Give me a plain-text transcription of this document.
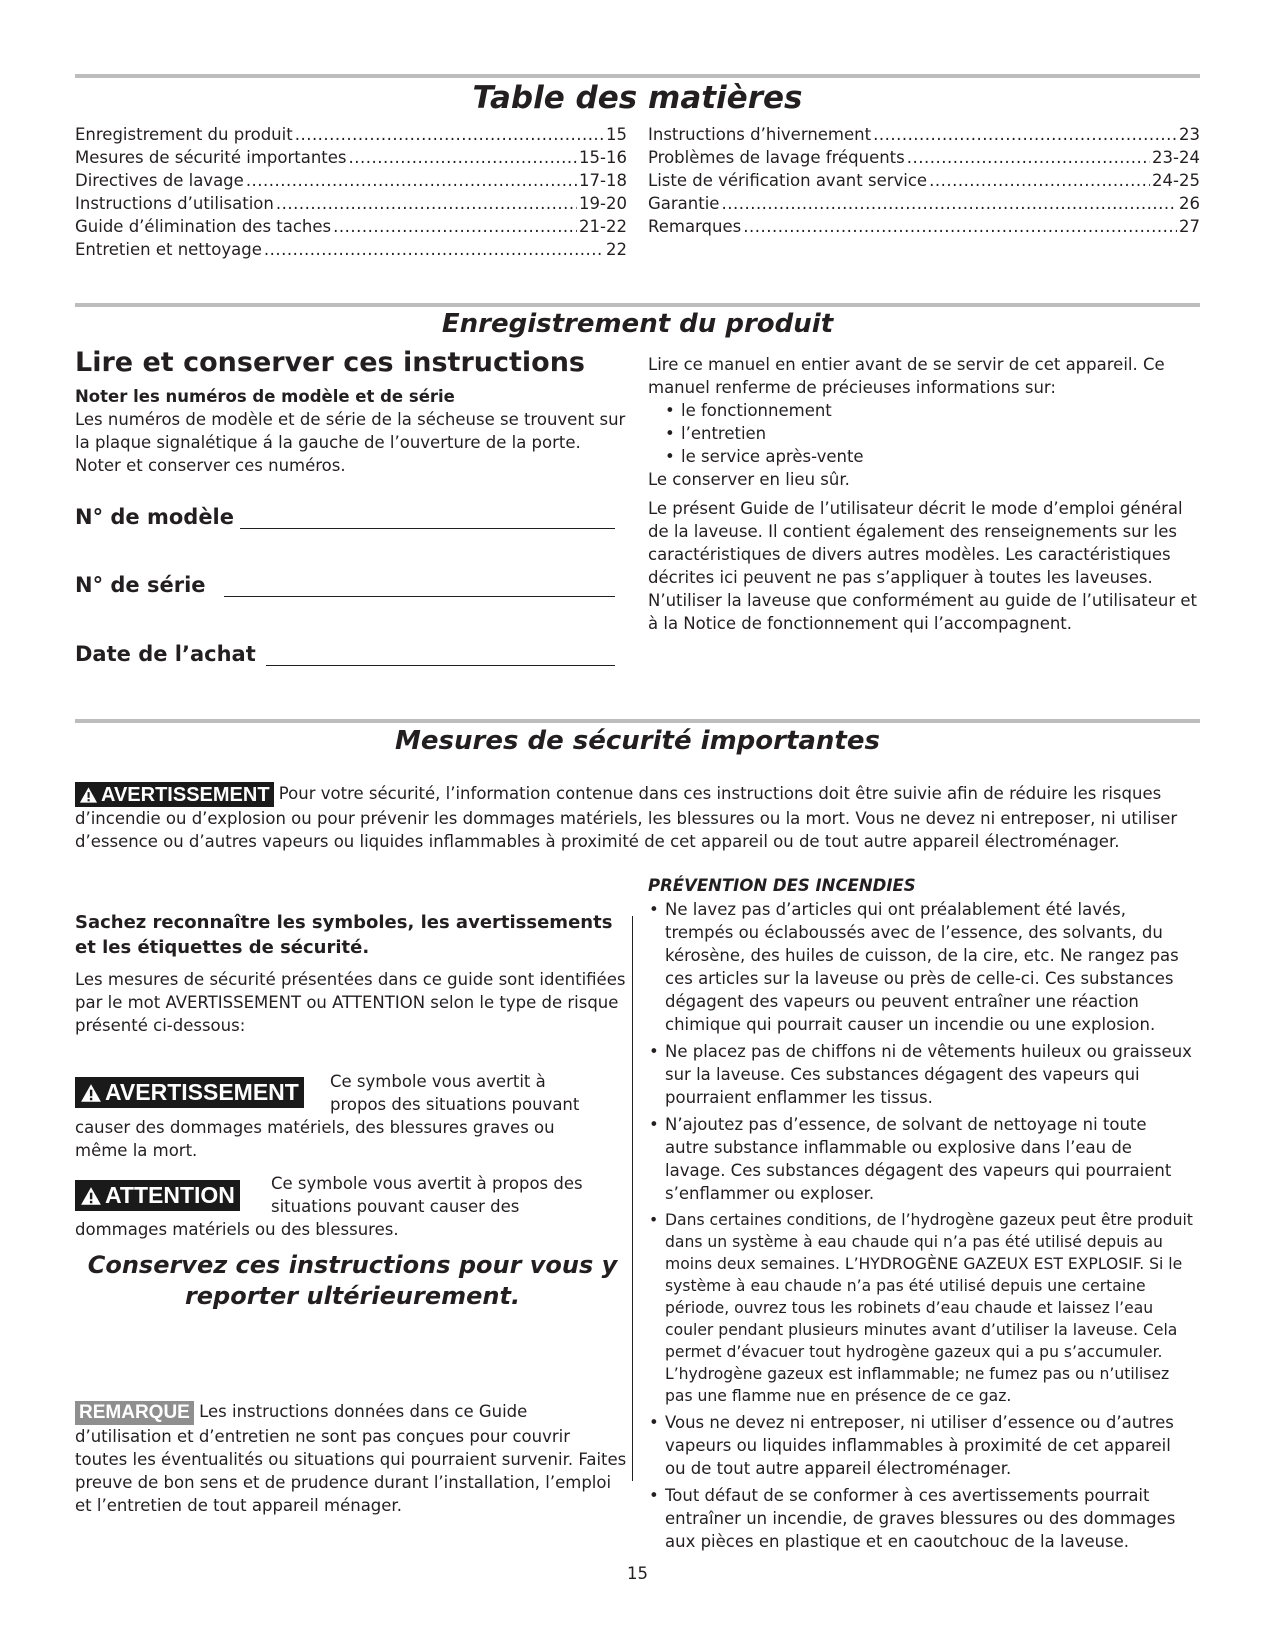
Table des matières
Enregistrement du produit .....	15
Mesures de sécurité importantes .....	15-16
Directives de lavage .....	17-18
Instructions d’utilisation .....	19-20
Guide d’élimination des taches .....	21-22
Entretien et nettoyage .....	22
Instructions d’hivernement .....	23
Problèmes de lavage fréquents .....	23-24
Liste de vérification avant service .....	24-25
Garantie .....	26
Remarques .....	27
Enregistrement du produit
Lire et conserver ces instructions
Noter les numéros de modèle et de série
Les numéros de modèle et de série de la sécheuse se trouvent sur la plaque signalétique á la gauche de l’ouverture de la porte. Noter et conserver ces numéros.
N° de modèle
N° de série
Date de l’achat
Lire ce manuel en entier avant de se servir de cet appareil. Ce manuel renferme de précieuses informations sur:
• le fonctionnement
• l’entretien
• le service après-vente
Le conserver en lieu sûr.
Le présent Guide de l’utilisateur décrit le mode d’emploi général de la laveuse. Il contient également des renseignements sur les caractéristiques de divers autres modèles. Les caractéristiques décrites ici peuvent ne pas s’appliquer à toutes les laveuses.
N’utiliser la laveuse que conformément au guide de l’utilisateur et à la Notice de fonctionnement qui l’accompagnent.
Mesures de sécurité importantes
AVERTISSEMENT Pour votre sécurité, l’information contenue dans ces instructions doit être suivie afin de réduire les risques d’incendie ou d’explosion ou pour prévenir les dommages matériels, les blessures ou la mort. Vous ne devez ni entreposer, ni utiliser d’essence ou d’autres vapeurs ou liquides inflammables à proximité de cet appareil ou de tout autre appareil électroménager.
Sachez reconnaître les symboles, les avertissements et les étiquettes de sécurité.
Les mesures de sécurité présentées dans ce guide sont identifiées par le mot AVERTISSEMENT ou ATTENTION selon le type de risque présenté ci-dessous:
AVERTISSEMENT	Ce symbole vous avertit à propos des situations pouvant causer des dommages matériels, des blessures graves ou même la mort.
ATTENTION	Ce symbole vous avertit à propos des situations pouvant causer des dommages matériels ou des blessures.
Conservez ces instructions pour vous y reporter ultérieurement.
REMARQUE Les instructions données dans ce Guide d’utilisation et d’entretien ne sont pas conçues pour couvrir toutes les éventualités ou situations qui pourraient survenir. Faites preuve de bon sens et de prudence durant l’installation, l’emploi et l’entretien de tout appareil ménager.
PRÉVENTION DES INCENDIES
• Ne lavez pas d’articles qui ont préalablement été lavés, trempés ou éclaboussés avec de l’essence, des solvants, du kérosène, des huiles de cuisson, de la cire, etc. Ne rangez pas ces articles sur la laveuse ou près de celle-ci. Ces substances dégagent des vapeurs ou peuvent entraîner une réaction chimique qui pourrait causer un incendie ou une explosion.
• Ne placez pas de chiffons ni de vêtements huileux ou graisseux sur la laveuse. Ces substances dégagent des vapeurs qui pourraient enflammer les tissus.
• N’ajoutez pas d’essence, de solvant de nettoyage ni toute autre substance inflammable ou explosive dans l’eau de lavage. Ces substances dégagent des vapeurs qui pourraient s’enflammer ou exploser.
• Dans certaines conditions, de l’hydrogène gazeux peut être produit dans un système à eau chaude qui n’a pas été utilisé depuis au moins deux semaines. L’HYDROGÈNE GAZEUX EST EXPLOSIF. Si le système à eau chaude n’a pas été utilisé depuis une certaine période, ouvrez tous les robinets d’eau chaude et laissez l’eau couler pendant plusieurs minutes avant d’utiliser la laveuse. Cela permet d’évacuer tout hydrogène gazeux qui a pu s’accumuler. L’hydrogène gazeux est inflammable; ne fumez pas ou n’utilisez pas une flamme nue en présence de ce gaz.
• Vous ne devez ni entreposer, ni utiliser d’essence ou d’autres vapeurs ou liquides inflammables à proximité de cet appareil ou de tout autre appareil électroménager.
• Tout défaut de se conformer à ces avertissements pourrait entraîner un incendie, de graves blessures ou des dommages aux pièces en plastique et en caoutchouc de la laveuse.
15
